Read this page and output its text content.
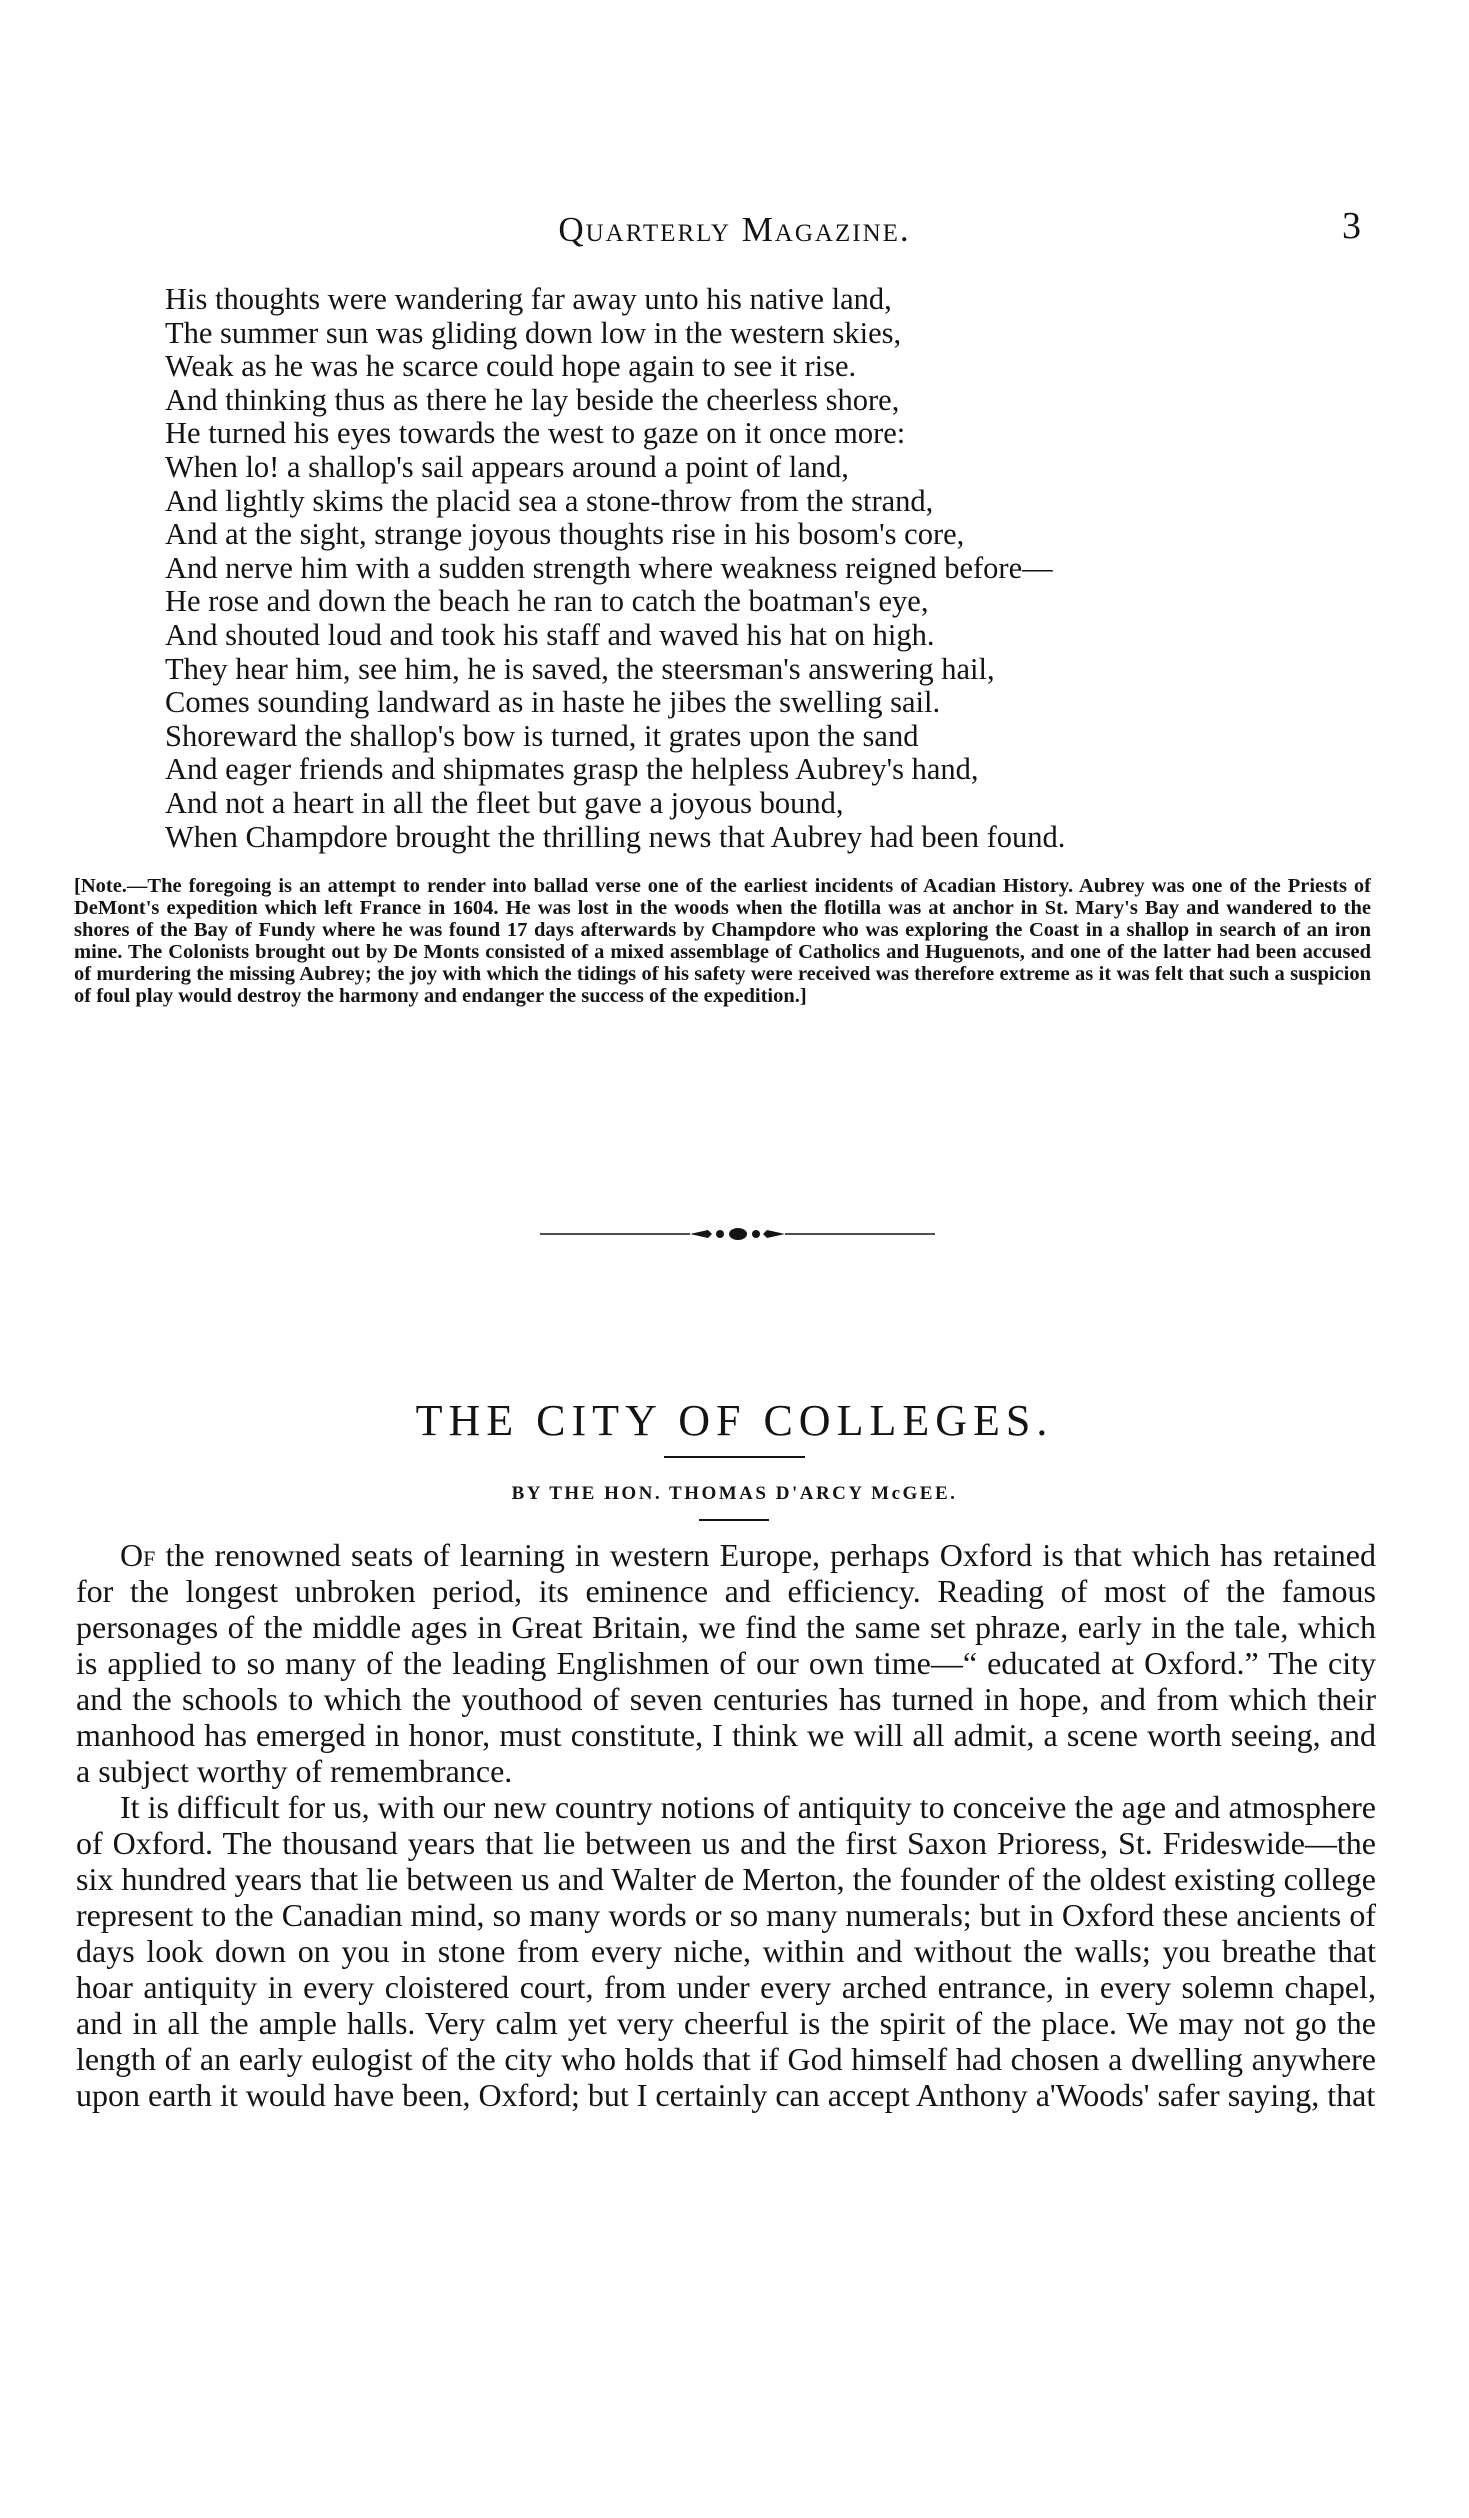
Quarterly Magazine.	3
His thoughts were wandering far away unto his native land,
The summer sun was gliding down low in the western skies,
Weak as he was he scarce could hope again to see it rise.
And thinking thus as there he lay beside the cheerless shore,
He turned his eyes towards the west to gaze on it once more:
When lo! a shallop's sail appears around a point of land,
And lightly skims the placid sea a stone-throw from the strand,
And at the sight, strange joyous thoughts rise in his bosom's core,
And nerve him with a sudden strength where weakness reigned before—
He rose and down the beach he ran to catch the boatman's eye,
And shouted loud and took his staff and waved his hat on high.
They hear him, see him, he is saved, the steersman's answering hail,
Comes sounding landward as in haste he jibes the swelling sail.
Shoreward the shallop's bow is turned, it grates upon the sand
And eager friends and shipmates grasp the helpless Aubrey's hand,
And not a heart in all the fleet but gave a joyous bound,
When Champdore brought the thrilling news that Aubrey had been found.
[Note.—The foregoing is an attempt to render into ballad verse one of the earliest incidents of Acadian History. Aubrey was one of the Priests of DeMont's expedition which left France in 1604. He was lost in the woods when the flotilla was at anchor in St. Mary's Bay and wandered to the shores of the Bay of Fundy where he was found 17 days afterwards by Champdore who was exploring the Coast in a shallop in search of an iron mine. The Colonists brought out by De Monts consisted of a mixed assemblage of Catholics and Huguenots, and one of the latter had been accused of murdering the missing Aubrey; the joy with which the tidings of his safety were received was therefore extreme as it was felt that such a suspicion of foul play would destroy the harmony and endanger the success of the expedition.]
THE CITY OF COLLEGES.
BY THE HON. THOMAS D'ARCY McGEE.

Of the renowned seats of learning in western Europe, perhaps Oxford is that which has retained for the longest unbroken period, its eminence and efficiency. Reading of most of the famous personages of the middle ages in Great Britain, we find the same set phraze, early in the tale, which is applied to so many of the leading Englishmen of our own time—“ educated at Oxford.” The city and the schools to which the youthood of seven centuries has turned in hope, and from which their manhood has emerged in honor, must constitute, I think we will all admit, a scene worth seeing, and a subject worthy of remembrance.

It is difficult for us, with our new country notions of antiquity to conceive the age and atmosphere of Oxford. The thousand years that lie between us and the first Saxon Prioress, St. Frideswide—the six hundred years that lie between us and Walter de Merton, the founder of the oldest existing college represent to the Canadian mind, so many words or so many numerals; but in Oxford these ancients of days look down on you in stone from every niche, within and without the walls; you breathe that hoar antiquity in every cloistered court, from under every arched entrance, in every solemn chapel, and in all the ample halls. Very calm yet very cheerful is the spirit of the place. We may not go the length of an early eulogist of the city who holds that if God himself had chosen a dwelling anywhere upon earth it would have been, Oxford; but I certainly can accept Anthony a'Woods' safer saying, that
